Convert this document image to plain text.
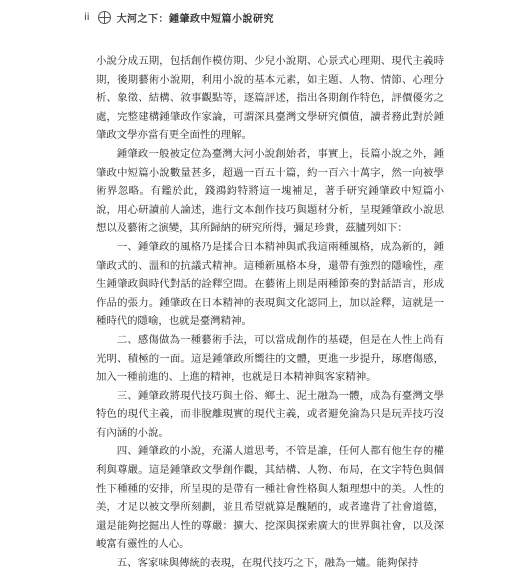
ii	大河之下：鍾肇政中短篇小說研究

小說分成五期，包括創作模仿期、少兒小說期、心景式心理期、現代主義時期，後期藝術小說期，利用小說的基本元素，如主題、人物、情節、心理分析、象徵、結構、敘事觀點等，逐篇評述，指出各期創作特色，評價優劣之處，完整建構鍾肇政作家論，可謂深具臺灣文學研究價值，讀者務此對於鍾肇政文學亦當有更全面性的理解。

鍾肇政一般被定位為臺灣大河小說創始者，事實上，長篇小說之外，鍾肇政中短篇小說數量甚多，超過一百五十篇，約一百六十萬字，然一向被學術界忽略。有鑑於此，錢鴻鈞特將這一塊補足，著手研究鍾肇政中短篇小說，用心研讀前人論述，進行文本創作技巧與題材分析，呈現鍾肇政小說思想以及藝術之演變，其所歸納的研究所得，彌足珍貴，茲臚列如下：

一、鍾肇政的風格乃是揉合日本精神與貳我這兩種風格，成為新的，鍾肇政式的、溫和的抗議式精神。這種新風格本身，還帶有強烈的隱喻性，產生鍾肇政與時代對話的詮釋空間。在藝術上則是兩種節奏的對話語言，形成作品的張力。鍾肇政在日本精神的表現與文化認同上，加以詮釋，這就是一種時代的隱喻，也就是臺灣精神。

二、感傷做為一種藝術手法，可以當成創作的基礎，但是在人性上尚有光明、積極的一面。這是鍾肇政所嚮往的文體，更進一步提升，琢磨傷感，加入一種前進的、上進的精神，也就是日本精神與客家精神。

三、鍾肇政將現代技巧與土俗、鄉土、泥土融為一體，成為有臺灣文學特色的現代主義，而非脫離現實的現代主義，或者避免淪為只是玩弄技巧沒有內涵的小說。

四、鍾肇政的小說，充滿人道思考，不管是誰，任何人都有他生存的權利與尊嚴。這是鍾肇政文學創作觀，其結構、人物、布局，在文字特色與個性下種種的安排，所呈現的是帶有一種社會性格與人類理想中的美。人性的美，才足以被文學所刻劃，並且希望就算是醜陋的，或者違背了社會道德，還是能夠挖掘出人性的尊嚴：擴大、挖深與探索廣大的世界與社會，以及深峻富有靈性的人心。

五、客家味與傳統的表現，在現代技巧之下，融為一爐。能夠保持
